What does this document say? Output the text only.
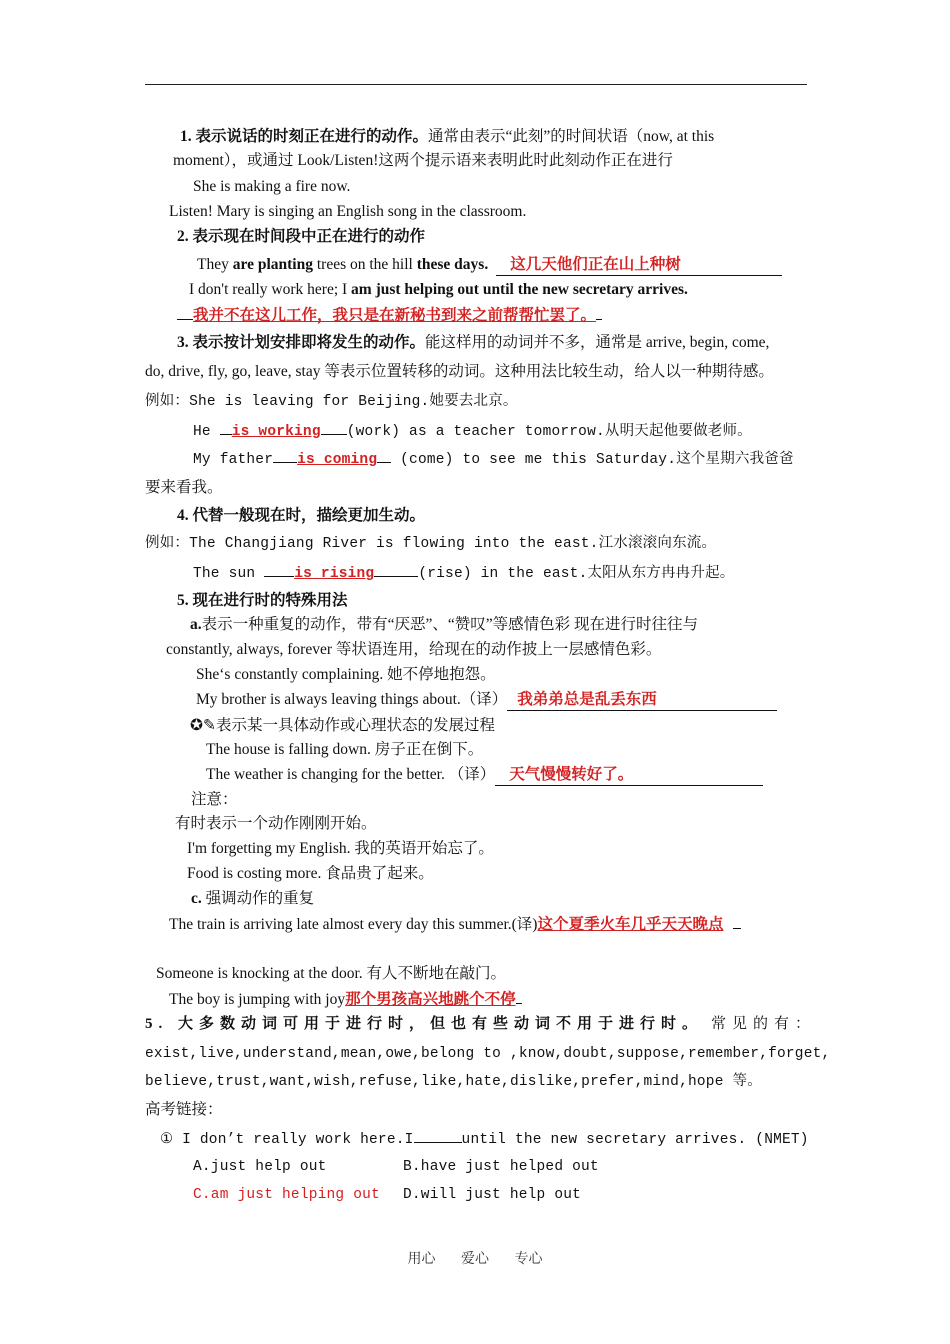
1. 表示说话的时刻正在进行的动作。通常由表示“此刻”的时间状语（now, at this
moment），或通过 Look/Listen!这两个提示语来表明此时此刻动作正在进行
She is making a fire now.
Listen! Mary is singing an English song in the classroom.
2. 表示现在时间段中正在进行的动作
They are planting trees on the hill these days. 这几天他们正在山上种树
I don't really work here; I am just helping out until the new secretary arrives.
我并不在这儿工作，我只是在新秘书到来之前帮帮忙罢了。
3. 表示按计划安排即将发生的动作。能这样用的动词并不多，通常是 arrive, begin, come,
do, drive, fly, go, leave, stay 等表示位置转移的动词。这种用法比较生动，给人以一种期待感。
例如：She is leaving for Beijing.她要去北京。
He is working (work) as a teacher tomorrow.从明天起他要做老师。
My father is coming (come) to see me this Saturday.这个星期六我爸爸
要来看我。
4. 代替一般现在时，描绘更加生动。
例如：The Changjiang River is flowing into the east.江水滚滚向东流。
The sun is rising	(rise) in the east.太阳从东方冉冉升起。
5. 现在进行时的特殊用法
a.表示一种重复的动作，带有“厌恶”、“赞叹”等感情色彩 现在进行时往往与
constantly, always, forever 等状语连用，给现在的动作披上一层感情色彩。
She‘s constantly complaining. 她不停地抱怨。
My brother is always leaving things about.（译） 我弟弟总是乱丢东西
✪✎表示某一具体动作或心理状态的发展过程
The house is falling down. 房子正在倒下。
The weather is changing for the better. （译） 天气慢慢转好了。
注意：
有时表示一个动作刚刚开始。
I'm forgetting my English. 我的英语开始忘了。
Food is costing more. 食品贵了起来。
c. 强调动作的重复
The train is arriving late almost every day this summer.(译)这个夏季火车几乎天天晚点
Someone is knocking at the door. 有人不断地在敲门。
The boy is jumping with joy那个男孩高兴地跳个不停
5. 大多数动词可用于进行时，但也有些动词不用于进行时。 常见的有：
exist,live,understand,mean,owe,belong to ,know,doubt,suppose,remember,forget,
believe,trust,want,wish,refuse,like,hate,dislike,prefer,mind,hope 等。
高考链接：
① I don’t really work here.I	until the new secretary arrives. (NMET)
A.just help out	B.have just helped out
C.am just helping out D.will just help out
用心 爱心 专心
